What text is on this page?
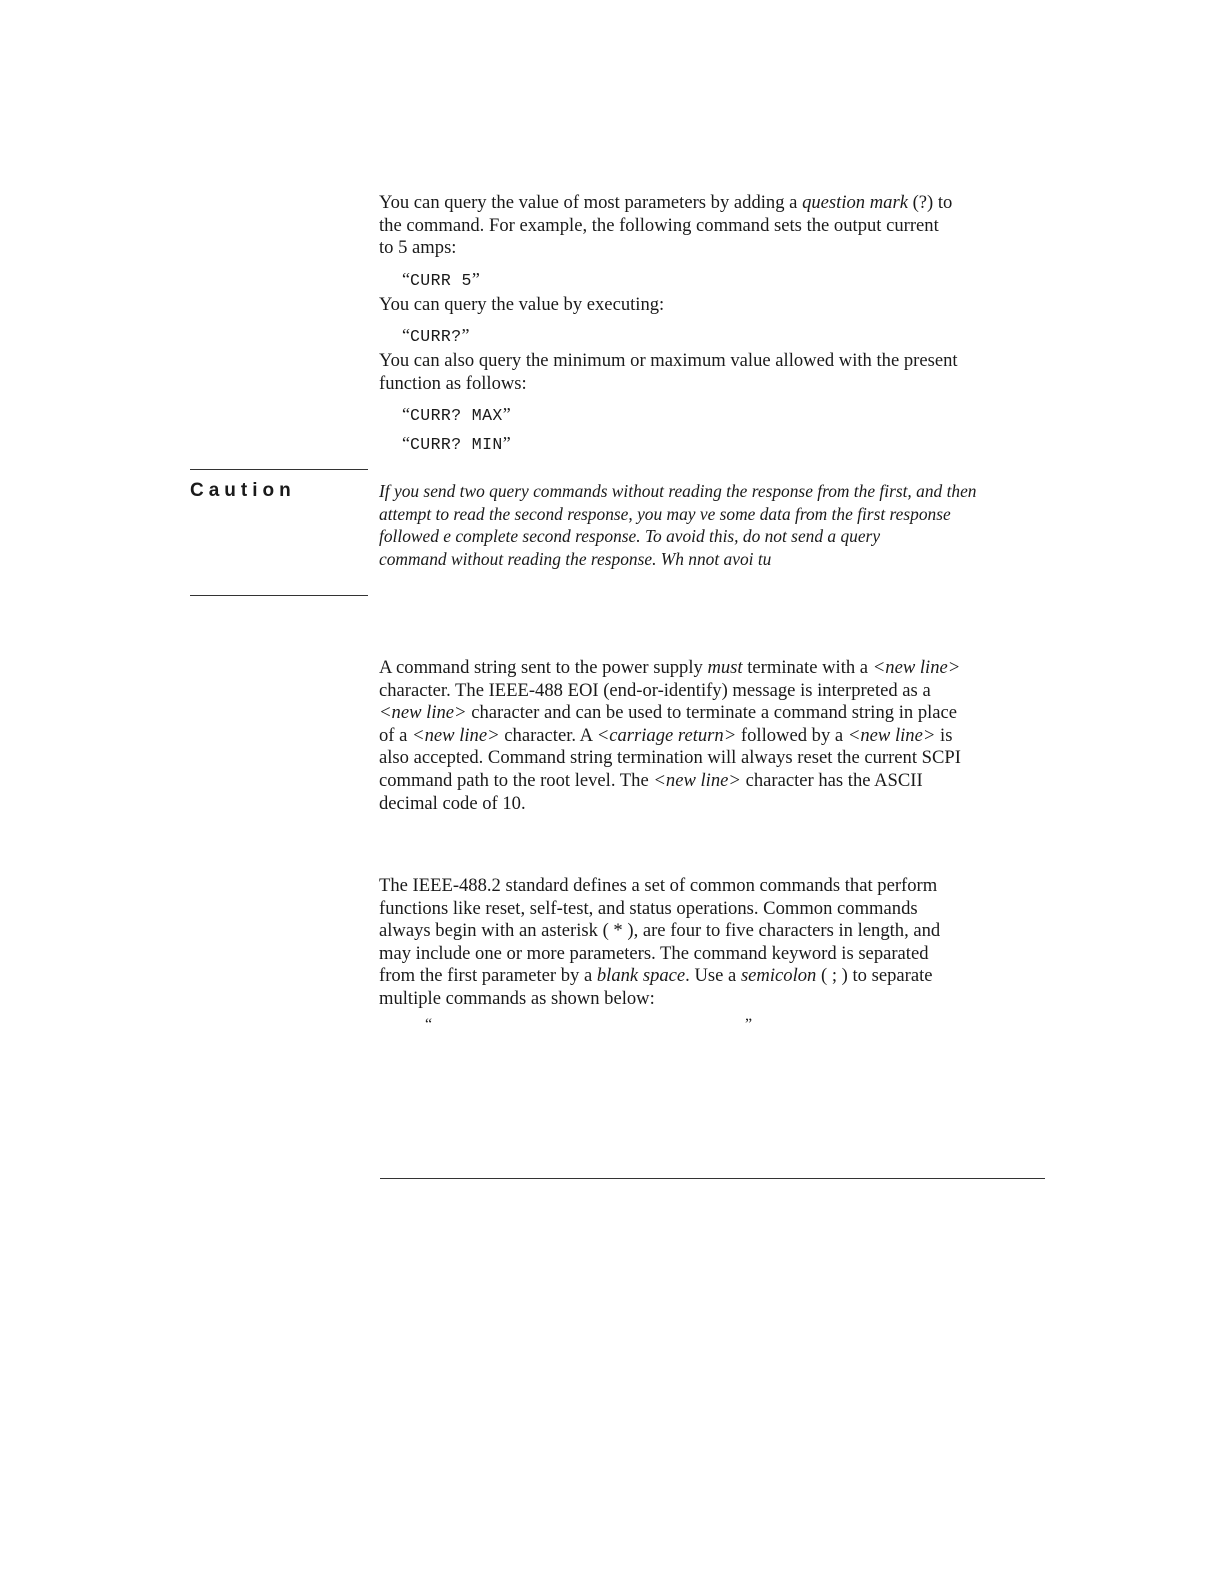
You can query the value of most parameters by adding a question mark (?) to
the command. For example, the following command sets the output current
to 5 amps:
“CURR 5”
You can query the value by executing:
“CURR?”
You can also query the minimum or maximum value allowed with the present
function as follows:
“CURR? MAX”
“CURR? MIN”
Caution	If you send two query commands without reading the response from the first, and then
attempt to read the second response, you may ve some data from the first response
followed e complete second response. To avoid this, do not send a query
command without reading the response. Wh nnot avoi tu
A command string sent to the power supply must terminate with a <new line>
character. The IEEE-488 EOI (end-or-identify) message is interpreted as a
<new line> character and can be used to terminate a command string in place
of a <new line> character. A <carriage return> followed by a <new line> is
also accepted. Command string termination will always reset the current SCPI
command path to the root level. The <new line> character has the ASCII
decimal code of 10.
The IEEE-488.2 standard defines a set of common commands that perform
functions like reset, self-test, and status operations. Common commands
always begin with an asterisk ( * ), are four to five characters in length, and
may include one or more parameters. The command keyword is separated
from the first parameter by a blank space. Use a semicolon ( ; ) to separate
multiple commands as shown below:
“	”
